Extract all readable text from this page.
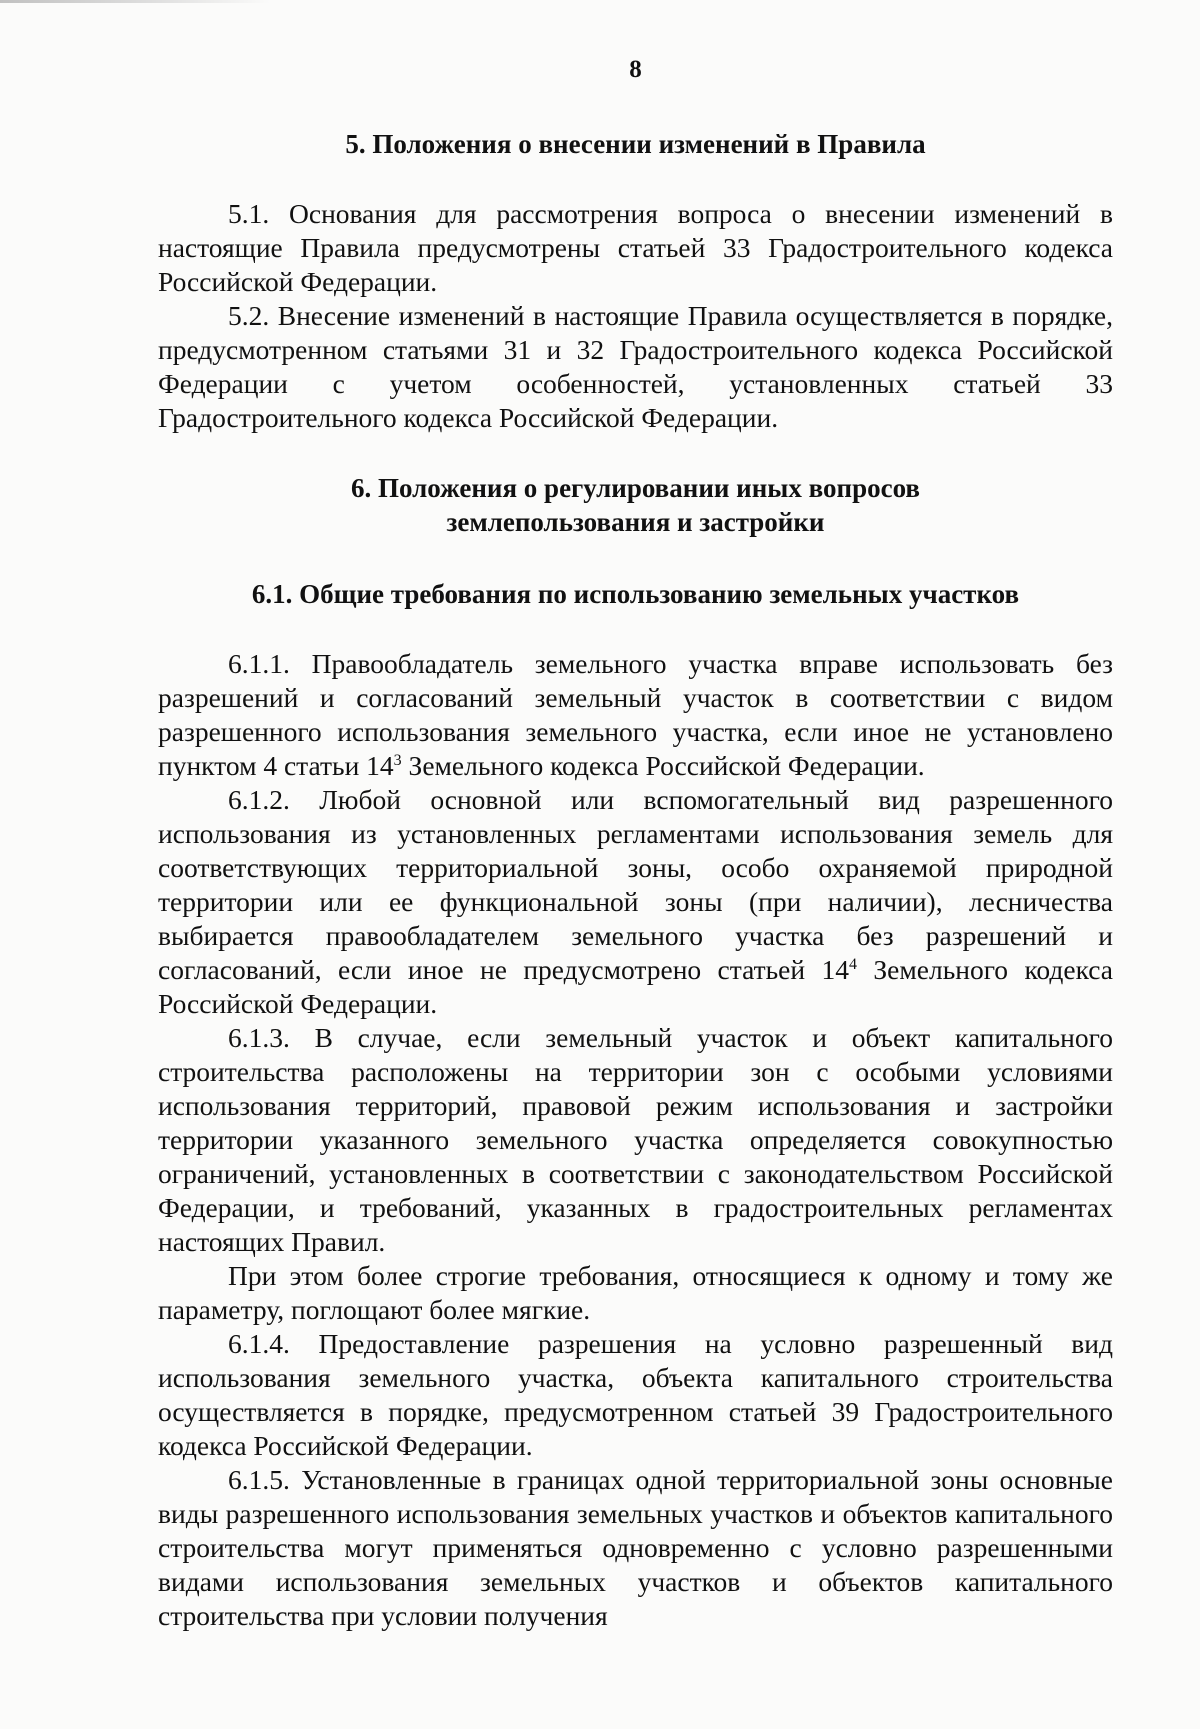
8
5. Положения о внесении изменений в Правила

5.1. Основания для рассмотрения вопроса о внесении изменений в настоящие Правила предусмотрены статьей 33 Градостроительного кодекса Российской Федерации.

5.2. Внесение изменений в настоящие Правила осуществляется в порядке, предусмотренном статьями 31 и 32 Градостроительного кодекса Российской Федерации с учетом особенностей, установленных статьей 33 Градостроительного кодекса Российской Федерации.

6. Положения о регулировании иных вопросов
землепользования и застройки
6.1. Общие требования по использованию земельных участков

6.1.1. Правообладатель земельного участка вправе использовать без разрешений и согласований земельный участок в соответствии с видом разрешенного использования земельного участка, если иное не установлено пунктом 4 статьи $14^3$ Земельного кодекса Российской Федерации.

6.1.2. Любой основной или вспомогательный вид разрешенного использования из установленных регламентами использования земель для соответствующих территориальной зоны, особо охраняемой природной территории или ее функциональной зоны (при наличии), лесничества выбирается правообладателем земельного участка без разрешений и согласований, если иное не предусмотрено статьей $14^4$ Земельного кодекса Российской Федерации.

6.1.3. В случае, если земельный участок и объект капитального строительства расположены на территории зон с особыми условиями использования территорий, правовой режим использования и застройки территории указанного земельного участка определяется совокупностью ограничений, установленных в соответствии с законодательством Российской Федерации, и требований, указанных в градостроительных регламентах настоящих Правил.

При этом более строгие требования, относящиеся к одному и тому же параметру, поглощают более мягкие.

6.1.4. Предоставление разрешения на условно разрешенный вид использования земельного участка, объекта капитального строительства осуществляется в порядке, предусмотренном статьей 39 Градостроительного кодекса Российской Федерации.

6.1.5. Установленные в границах одной территориальной зоны основные виды разрешенного использования земельных участков и объектов капитального строительства могут применяться одновременно с условно разрешенными видами использования земельных участков и объектов капитального строительства при условии получения
